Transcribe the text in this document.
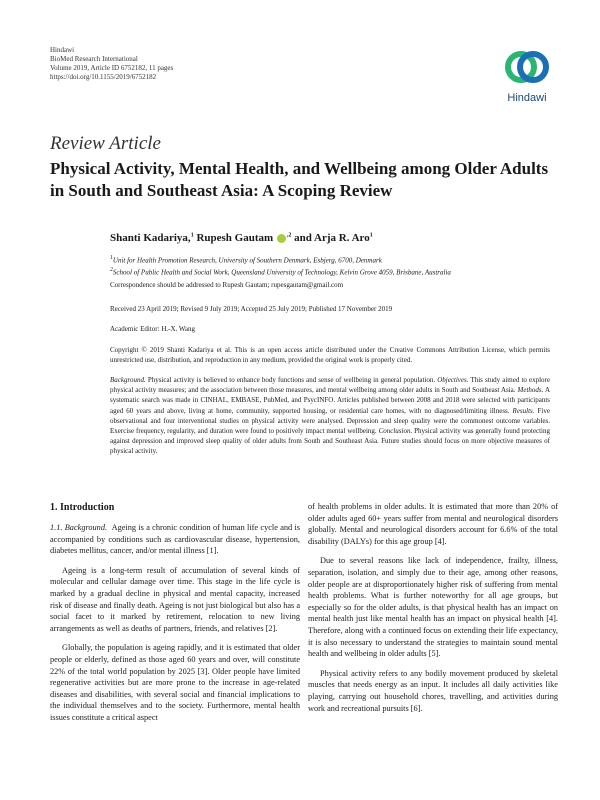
Hindawi
BioMed Research International
Volume 2019, Article ID 6752182, 11 pages
https://doi.org/10.1155/2019/6752182
Hindawi
Review Article
Physical Activity, Mental Health, and Wellbeing among Older Adults in South and Southeast Asia: A Scoping Review
Shanti Kadariya,$^1$ Rupesh Gautam $^{,2}$ and Arja R. Aro$^1$
$^1$Unit for Health Promotion Research, University of Southern Denmark, Esbjerg, 6700, Denmark
$^2$School of Public Health and Social Work, Queensland University of Technology, Kelvin Grove 4059, Brisbane, Australia
Correspondence should be addressed to Rupesh Gautam; rupesgautam@gmail.com
Received 23 April 2019; Revised 9 July 2019; Accepted 25 July 2019; Published 17 November 2019
Academic Editor: H.-X. Wang
Copyright © 2019 Shanti Kadariya et al. This is an open access article distributed under the Creative Commons Attribution License, which permits unrestricted use, distribution, and reproduction in any medium, provided the original work is properly cited.
Background. Physical activity is believed to enhance body functions and sense of wellbeing in general population. Objectives. This study aimed to explore physical activity measures; and the association between those measures, and mental wellbeing among older adults in South and Southeast Asia. Methods. A systematic search was made in CINHAL, EMBASE, PubMed, and PsycINFO. Articles published between 2008 and 2018 were selected with participants aged 60 years and above, living at home, community, supported housing, or residential care homes, with no diagnosed/limiting illness. Results. Five observational and four interventional studies on physical activity were analysed. Depression and sleep quality were the commonest outcome variables. Exercise frequency, regularity, and duration were found to positively impact mental wellbeing. Conclusion. Physical activity was generally found protecting against depression and improved sleep quality of older adults from South and Southeast Asia. Future studies should focus on more objective measures of physical activity.
1. Introduction

1.1. Background. Ageing is a chronic condition of human life cycle and is accompanied by conditions such as cardiovascular disease, hypertension, diabetes mellitus, cancer, and/or mental illness [1].

Ageing is a long-term result of accumulation of several kinds of molecular and cellular damage over time. This stage in the life cycle is marked by a gradual decline in physical and mental capacity, increased risk of disease and finally death. Ageing is not just biological but also has a social facet to it marked by retirement, relocation to new living arrangements as well as deaths of partners, friends, and relatives [2].

Globally, the population is ageing rapidly, and it is estimated that older people or elderly, defined as those aged 60 years and over, will constitute 22% of the total world population by 2025 [3]. Older people have limited regenerative activities but are more prone to the increase in age-related diseases and disabilities, with several social and financial implications to the individual themselves and to the society. Furthermore, mental health issues constitute a critical aspect

of health problems in older adults. It is estimated that more than 20% of older adults aged 60+ years suffer from mental and neurological disorders globally. Mental and neurological disorders account for 6.6% of the total disability (DALYs) for this age group [4].

Due to several reasons like lack of independence, frailty, illness, separation, isolation, and simply due to their age, among other reasons, older people are at disproportionately higher risk of suffering from mental health problems. What is further noteworthy for all age groups, but especially so for the older adults, is that physical health has an impact on mental health just like mental health has an impact on physical health [4]. Therefore, along with a continued focus on extending their life expectancy, it is also necessary to understand the strategies to maintain sound mental health and wellbeing in older adults [5].

Physical activity refers to any bodily movement produced by skeletal muscles that needs energy as an input. It includes all daily activities like playing, carrying out household chores, travelling, and activities during work and recreational pursuits [6].
